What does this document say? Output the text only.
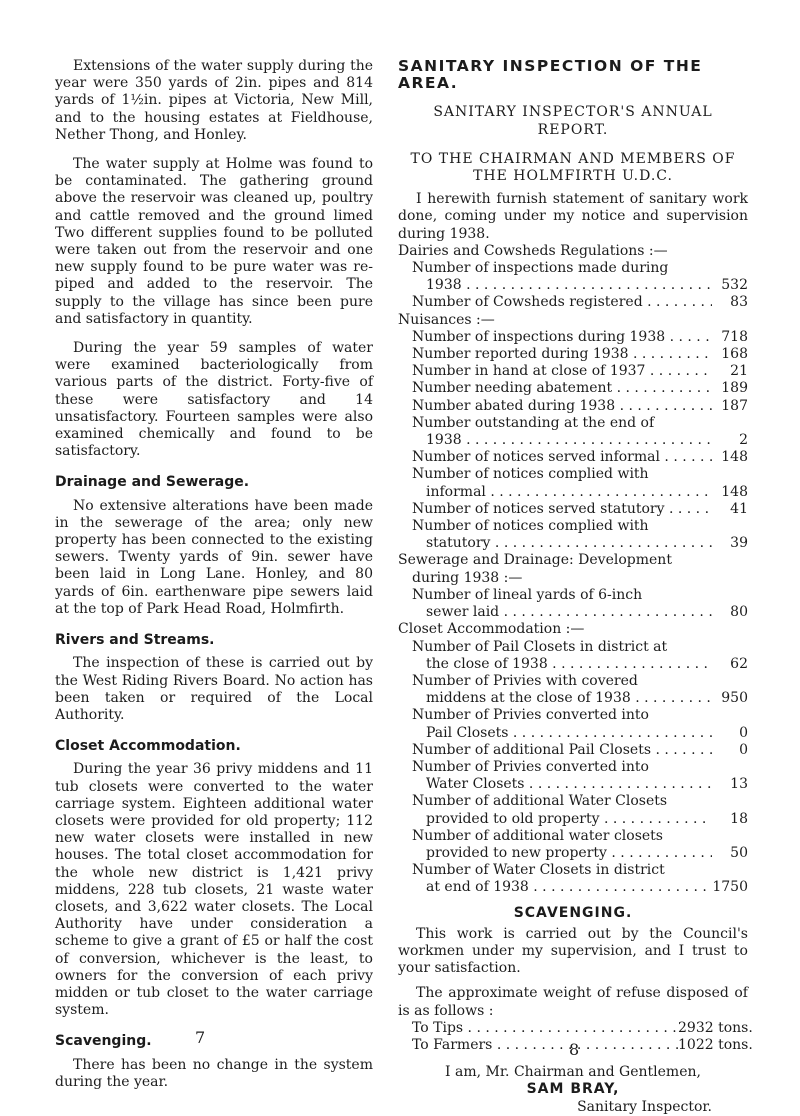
Extensions of the water supply during the year were 350 yards of 2in. pipes and 814 yards of 1½in. pipes at Victoria, New Mill, and to the housing estates at Fieldhouse, Nether Thong, and Honley.

The water supply at Holme was found to be contaminated. The gathering ground above the reservoir was cleaned up, poultry and cattle removed and the ground limed Two different supplies found to be polluted were taken out from the reservoir and one new supply found to be pure water was re-piped and added to the reservoir. The supply to the village has since been pure and satisfactory in quantity.

During the year 59 samples of water were examined bacteriologically from various parts of the district. Forty-five of these were satisfactory and 14 unsatisfactory. Fourteen samples were also examined chemically and found to be satisfactory.

Drainage and Sewerage.

No extensive alterations have been made in the sewerage of the area; only new property has been connected to the existing sewers. Twenty yards of 9in. sewer have been laid in Long Lane. Honley, and 80 yards of 6in. earthenware pipe sewers laid at the top of Park Head Road, Holmfirth.

Rivers and Streams.

The inspection of these is carried out by the West Riding Rivers Board. No action has been taken or required of the Local Authority.

Closet Accommodation.

During the year 36 privy middens and 11 tub closets were converted to the water carriage system. Eighteen additional water closets were provided for old property; 112 new water closets were installed in new houses. The total closet accommodation for the whole new district is 1,421 privy middens, 228 tub closets, 21 waste water closets, and 3,622 water closets. The Local Authority have under consideration a scheme to give a grant of £5 or half the cost of conversion, whichever is the least, to owners for the conversion of each privy midden or tub closet to the water carriage system.

Scavenging.

There has been no change in the system during the year.

7
SANITARY INSPECTION OF THE AREA.
SANITARY INSPECTOR'S ANNUAL
REPORT.
TO THE CHAIRMAN AND MEMBERS OF
THE HOLMFIRTH U.D.C.

I herewith furnish statement of sanitary work done, coming under my notice and supervision during 1938.

Dairies and Cowsheds Regulations :—
Number of inspections made during
1938 . . .	532
Number of Cowsheds registered . . .	83
Nuisances :—
Number of inspections during 1938 . . .	718
Number reported during 1938 . . .	168
Number in hand at close of 1937 . . .	21
Number needing abatement . . .	189
Number abated during 1938 . . .	187
Number outstanding at the end of
1938 . . .	2
Number of notices served informal . . .	148
Number of notices complied with
informal . . .	148
Number of notices served statutory . . .	41
Number of notices complied with
statutory . . .	39
Sewerage and Drainage: Development
during 1938 :—
Number of lineal yards of 6-inch
sewer laid . . .	80
Closet Accommodation :—
Number of Pail Closets in district at
the close of 1938 . . .	62
Number of Privies with covered
middens at the close of 1938 . . .	950
Number of Privies converted into
Pail Closets . . .	0
Number of additional Pail Closets . . .	0
Number of Privies converted into
Water Closets . . .	13
Number of additional Water Closets
provided to old property . . .	18
Number of additional water closets
provided to new property . . .	50
Number of Water Closets in district
at end of 1938 . . .	1750
SCAVENGING.

This work is carried out by the Council's workmen under my supervision, and I trust to your satisfaction.

The approximate weight of refuse disposed of is as follows :

To Tips . . .	2932 tons.
To Farmers . . .	1022 tons.
I am, Mr. Chairman and Gentlemen,
SAM BRAY,
Sanitary Inspector.
8
